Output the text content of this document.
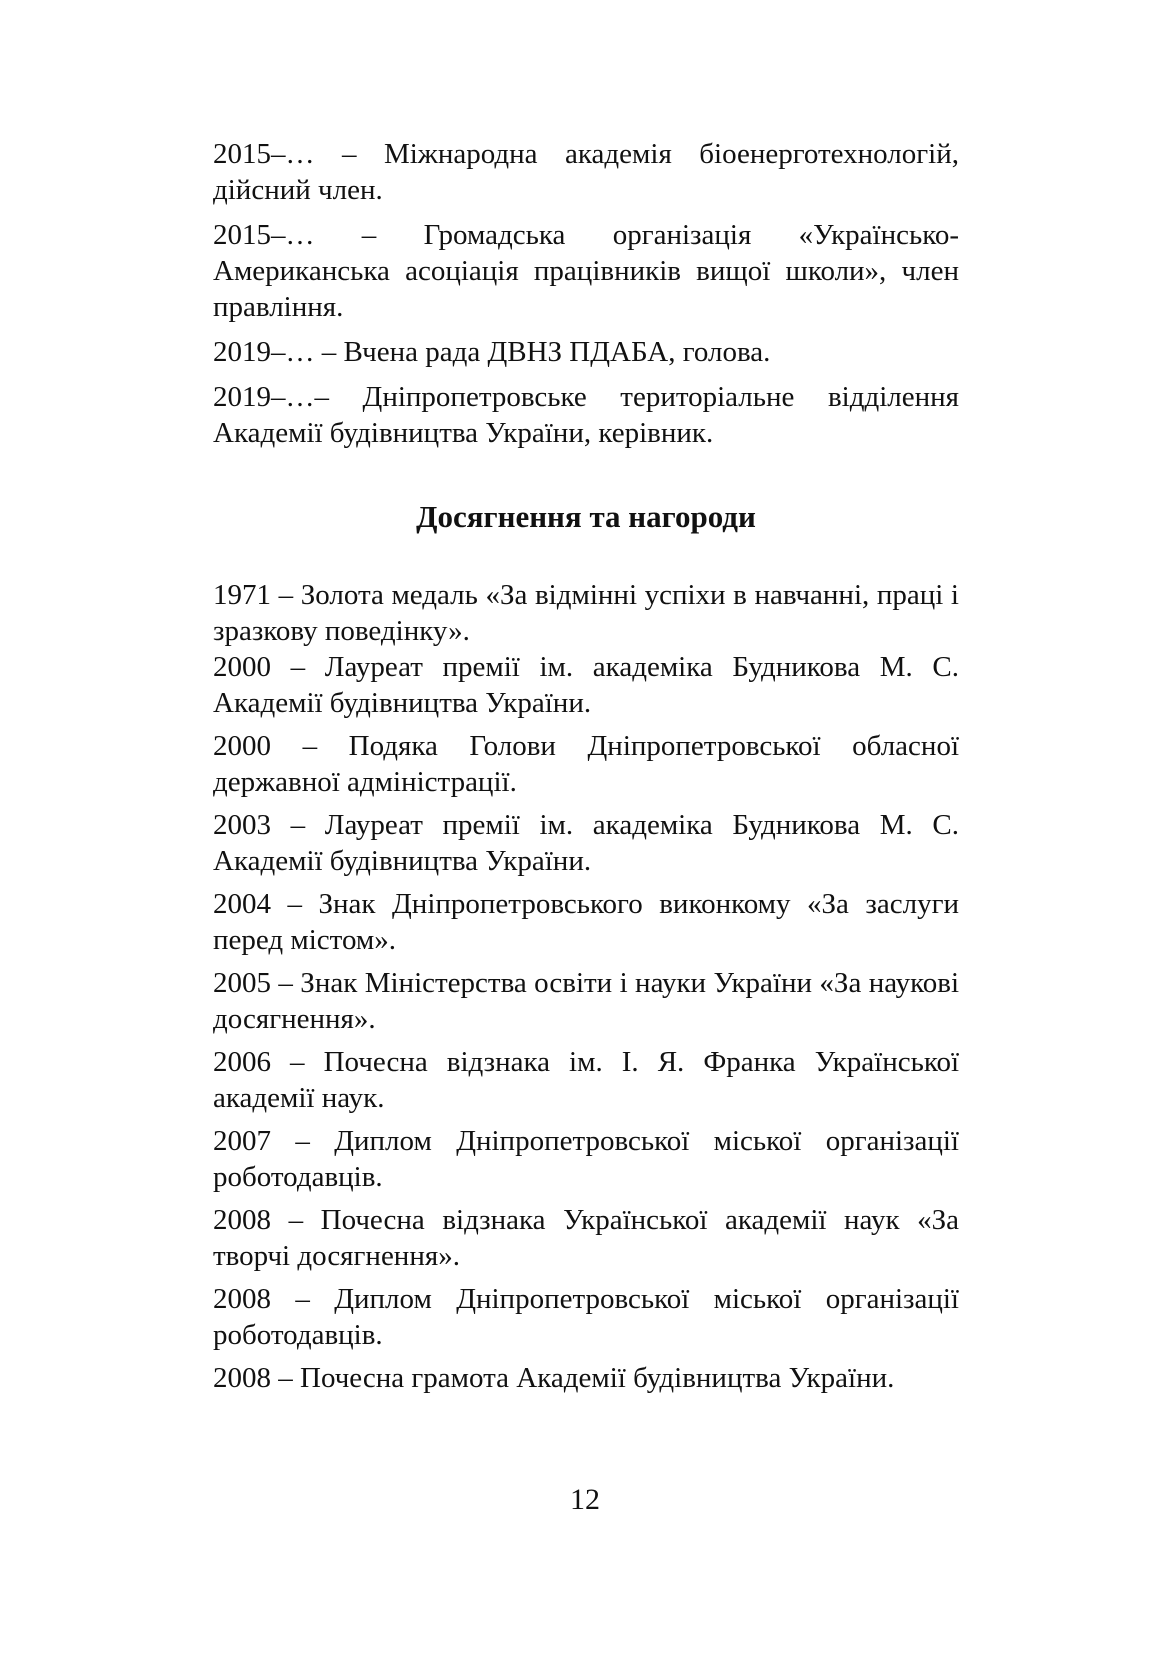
2015–… – Міжнародна академія біоенерготехнологій, дійсний член.

2015–… – Громадська організація «Українсько-Американська асоціація працівників вищої школи», член правління.

2019–… – Вчена рада ДВНЗ ПДАБА, голова.

2019–…– Дніпропетровське територіальне відділення Академії будівництва України, керівник.

Досягнення та нагороди

1971 – Золота медаль «За відмінні успіхи в навчанні, праці і зразкову поведінку».

2000 – Лауреат премії ім. академіка Будникова М. С. Академії будівництва України.

2000 – Подяка Голови Дніпропетровської обласної державної адміністрації.

2003 – Лауреат премії ім. академіка Будникова М. С. Академії будівництва України.

2004 – Знак Дніпропетровського виконкому «За заслуги перед містом».

2005 – Знак Міністерства освіти і науки України «За наукові досягнення».

2006 – Почесна відзнака ім. І. Я. Франка Української академії наук.

2007 – Диплом Дніпропетровської міської організації роботодавців.

2008 – Почесна відзнака Української академії наук «За творчі досягнення».

2008 – Диплом Дніпропетровської міської організації роботодавців.

2008 – Почесна грамота Академії будівництва України.

12
